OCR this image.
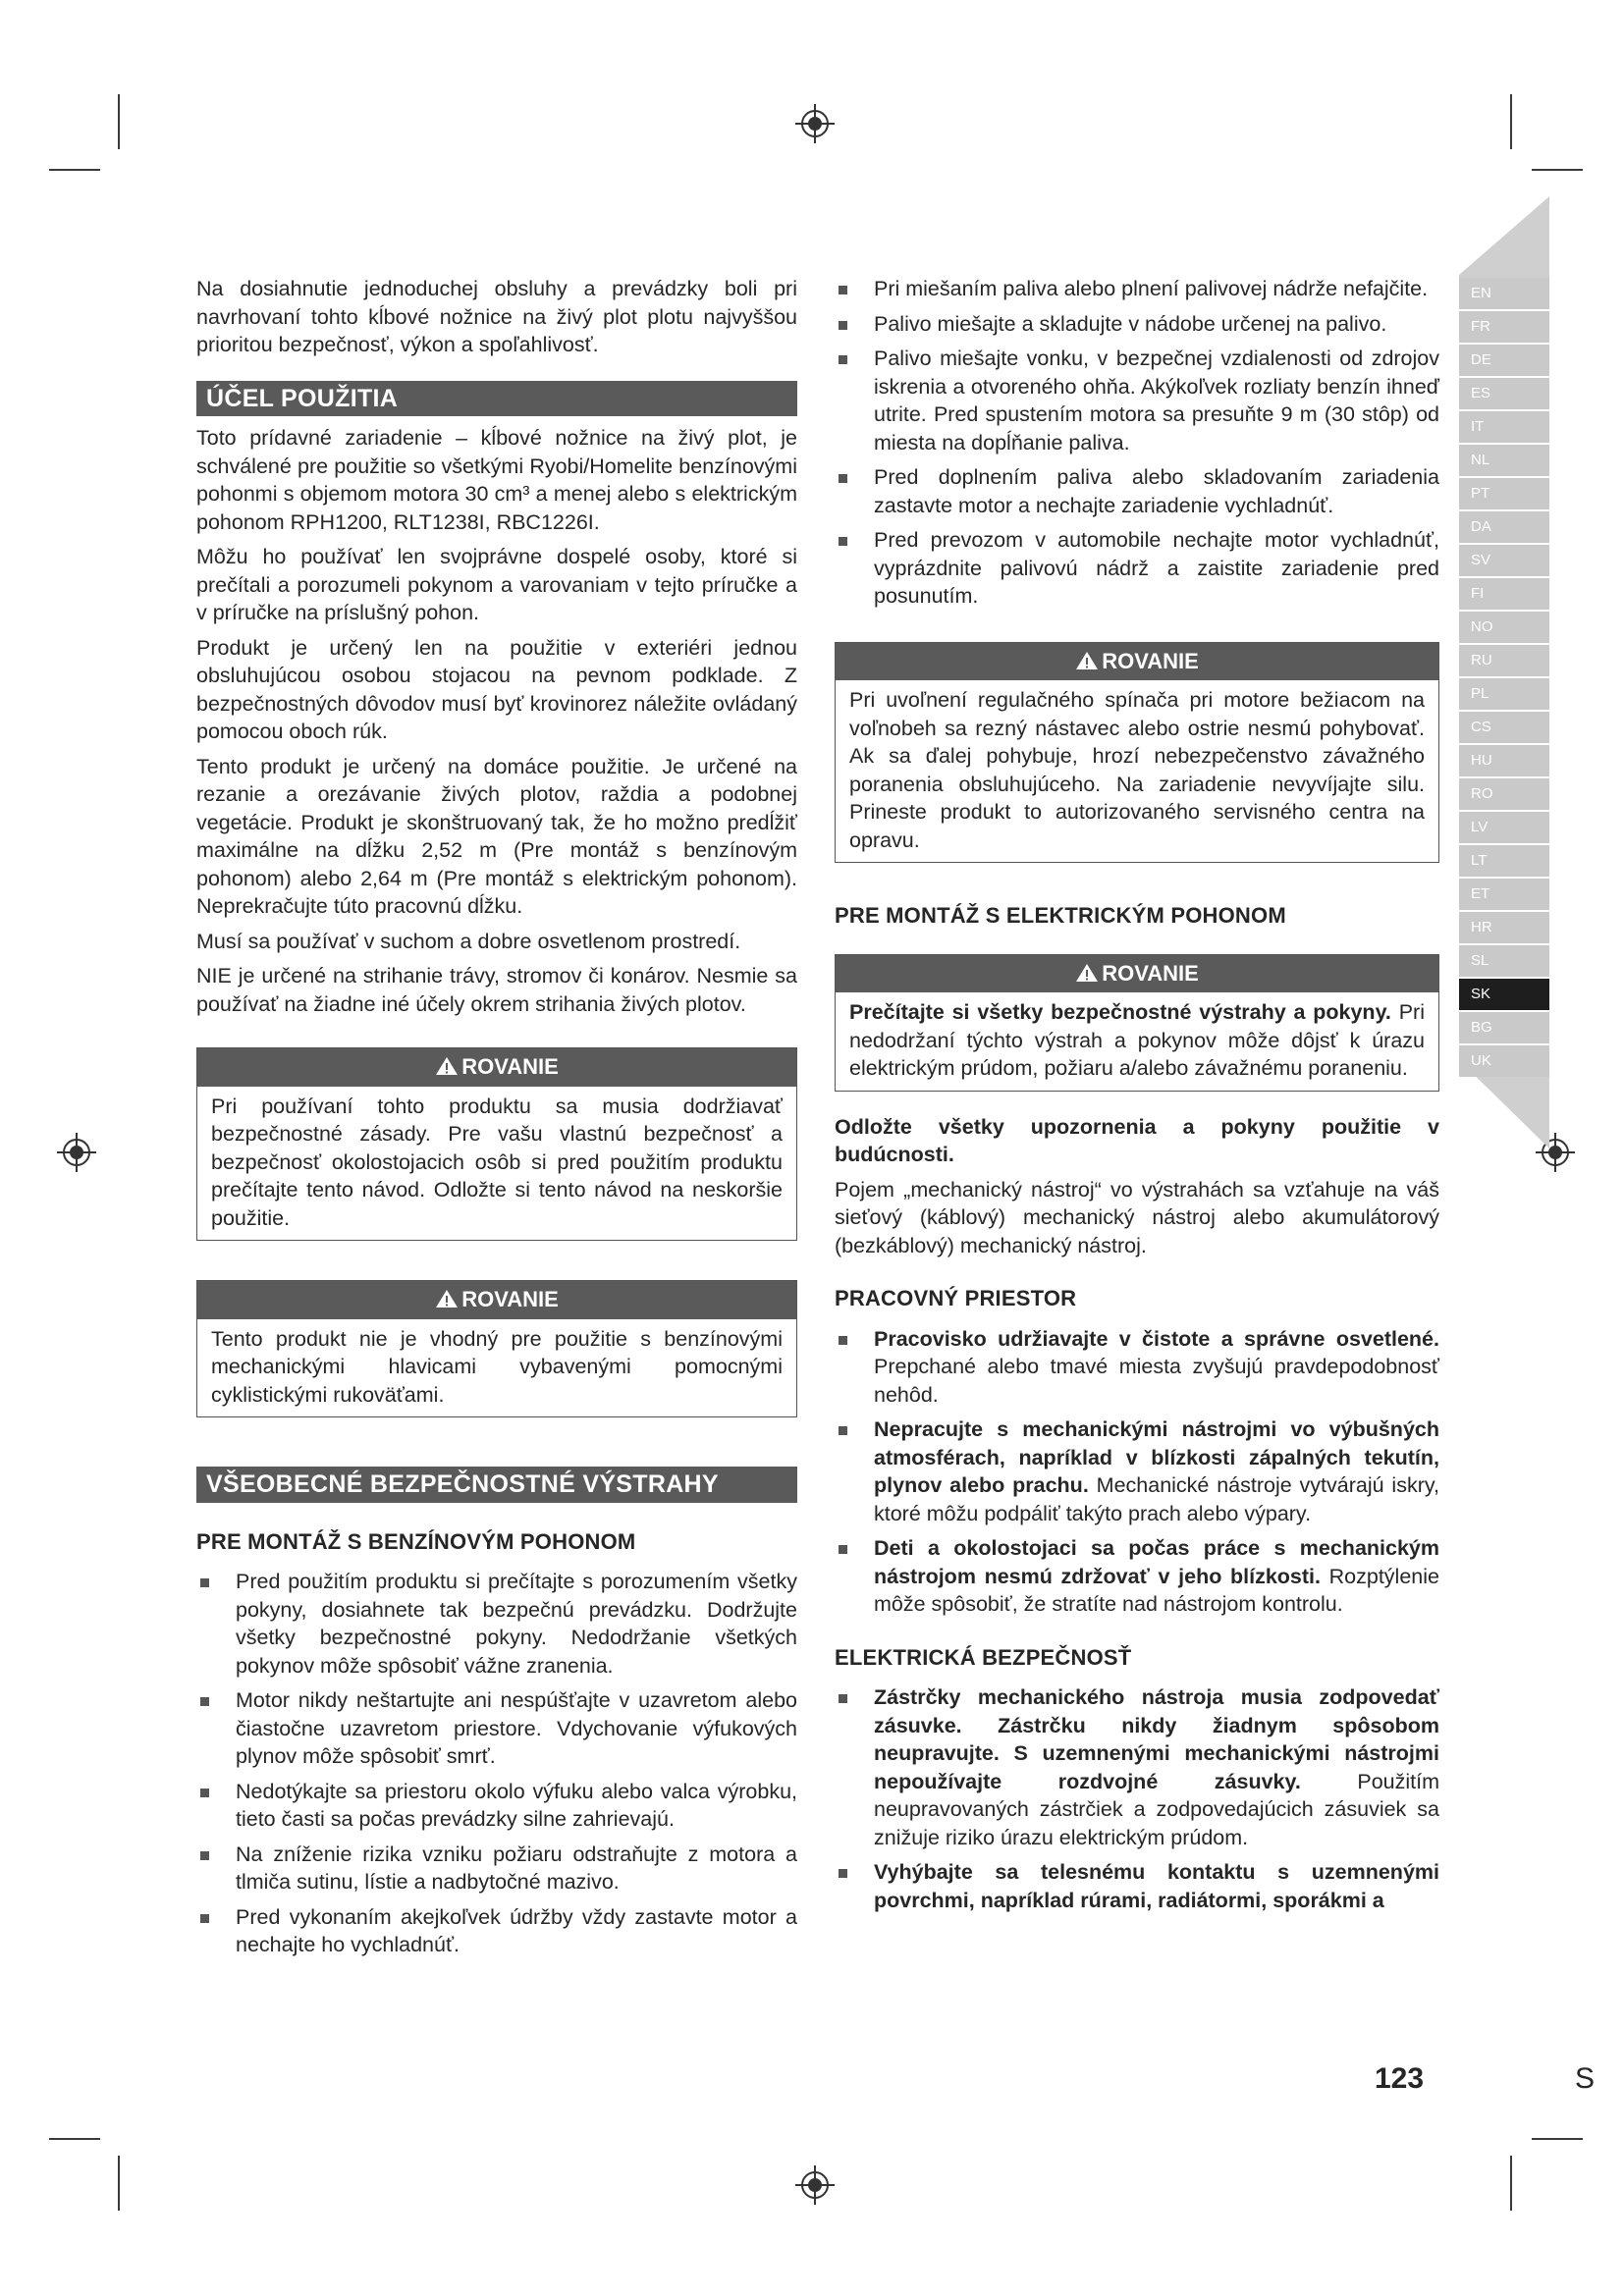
Na dosiahnutie jednoduchej obsluhy a prevádzky boli pri navrhovaní tohto kĺbové nožnice na živý plot plotu najvyššou prioritou bezpečnosť, výkon a spoľahlivosť.

ÚČEL POUŽITIA

Toto prídavné zariadenie – kĺbové nožnice na živý plot, je schválené pre použitie so všetkými Ryobi/Homelite benzínovými pohonmi s objemom motora 30 cm³ a menej alebo s elektrickým pohonom RPH1200, RLT1238I, RBC1226I.

Môžu ho používať len svojprávne dospelé osoby, ktoré si prečítali a porozumeli pokynom a varovaniam v tejto príručke a v príručke na príslušný pohon.

Produkt je určený len na použitie v exteriéri jednou obsluhujúcou osobou stojacou na pevnom podklade. Z bezpečnostných dôvodov musí byť krovinorez náležite ovládaný pomocou oboch rúk.

Tento produkt je určený na domáce použitie. Je určené na rezanie a orezávanie živých plotov, raždia a podobnej vegetácie. Produkt je skonštruovaný tak, že ho možno predĺžiť maximálne na dĺžku 2,52 m (Pre montáž s benzínovým pohonom) alebo 2,64 m (Pre montáž s elektrickým pohonom). Neprekračujte túto pracovnú dĺžku.

Musí sa používať v suchom a dobre osvetlenom prostredí.

NIE je určené na strihanie trávy, stromov či konárov. Nesmie sa používať na žiadne iné účely okrem strihania živých plotov.

ROVANIE
Pri používaní tohto produktu sa musia dodržiavať bezpečnostné zásady. Pre vašu vlastnú bezpečnosť a bezpečnosť okolostojacich osôb si pred použitím produktu prečítajte tento návod. Odložte si tento návod na neskoršie použitie.
ROVANIE
Tento produkt nie je vhodný pre použitie s benzínovými mechanickými hlavicami vybavenými pomocnými cyklistickými rukoväťami.
VŠEOBECNÉ BEZPEČNOSTNÉ VÝSTRAHY
PRE MONTÁŽ S BENZÍNOVÝM POHONOM
Pred použitím produktu si prečítajte s porozumením všetky pokyny, dosiahnete tak bezpečnú prevádzku. Dodržujte všetky bezpečnostné pokyny. Nedodržanie všetkých pokynov môže spôsobiť vážne zranenia.
Motor nikdy neštartujte ani nespúšťajte v uzavretom alebo čiastočne uzavretom priestore. Vdychovanie výfukových plynov môže spôsobiť smrť.
Nedotýkajte sa priestoru okolo výfuku alebo valca výrobku, tieto časti sa počas prevádzky silne zahrievajú.
Na zníženie rizika vzniku požiaru odstraňujte z motora a tlmiča sutinu, lístie a nadbytočné mazivo.
Pred vykonaním akejkoľvek údržby vždy zastavte motor a nechajte ho vychladnúť.
Pri miešaním paliva alebo plnení palivovej nádrže nefajčite.
Palivo miešajte a skladujte v nádobe určenej na palivo.
Palivo miešajte vonku, v bezpečnej vzdialenosti od zdrojov iskrenia a otvoreného ohňa. Akýkoľvek rozliaty benzín ihneď utrite. Pred spustením motora sa presuňte 9 m (30 stôp) od miesta na dopĺňanie paliva.
Pred doplnením paliva alebo skladovaním zariadenia zastavte motor a nechajte zariadenie vychladnúť.
Pred prevozom v automobile nechajte motor vychladnúť, vyprázdnite palivovú nádrž a zaistite zariadenie pred posunutím.
ROVANIE
Pri uvoľnení regulačného spínača pri motore bežiacom na voľnobeh sa rezný nástavec alebo ostrie nesmú pohybovať. Ak sa ďalej pohybuje, hrozí nebezpečenstvo závažného poranenia obsluhujúceho. Na zariadenie nevyvíjajte silu. Prineste produkt to autorizovaného servisného centra na opravu.
PRE MONTÁŽ S ELEKTRICKÝM POHONOM
ROVANIE
Prečítajte si všetky bezpečnostné výstrahy a pokyny. Pri nedodržaní týchto výstrah a pokynov môže dôjsť k úrazu elektrickým prúdom, požiaru a/alebo závažnému poraneniu.

Odložte všetky upozornenia a pokyny použitie v budúcnosti.

Pojem „mechanický nástroj“ vo výstrahách sa vzťahuje na váš sieťový (káblový) mechanický nástroj alebo akumulátorový (bezkáblový) mechanický nástroj.

PRACOVNÝ PRIESTOR
Pracovisko udržiavajte v čistote a správne osvetlené. Prepchané alebo tmavé miesta zvyšujú pravdepodobnosť nehôd.
Nepracujte s mechanickými nástrojmi vo výbušných atmosférach, napríklad v blízkosti zápalných tekutín, plynov alebo prachu. Mechanické nástroje vytvárajú iskry, ktoré môžu podpáliť takýto prach alebo výpary.
Deti a okolostojaci sa počas práce s mechanickým nástrojom nesmú zdržovať v jeho blízkosti. Rozptýlenie môže spôsobiť, že stratíte nad nástrojom kontrolu.
ELEKTRICKÁ BEZPEČNOSŤ
Zástrčky mechanického nástroja musia zodpovedať zásuvke. Zástrčku nikdy žiadnym spôsobom neupravujte. S uzemnenými mechanickými nástrojmi nepoužívajte rozdvojné zásuvky.	Použitím neupravovaných zástrčiek a zodpovedajúcich zásuviek sa znižuje riziko úrazu elektrickým prúdom.
Vyhýbajte sa telesnému kontaktu s uzemnenými povrchmi, napríklad rúrami, radiátormi, sporákmi a
EN
FR
DE
ES
IT
NL
PT
DA
SV
FI
NO
RU
PL
CS
HU
RO
LV
LT
ET
HR
SL
SK
BG
UK
123	S
